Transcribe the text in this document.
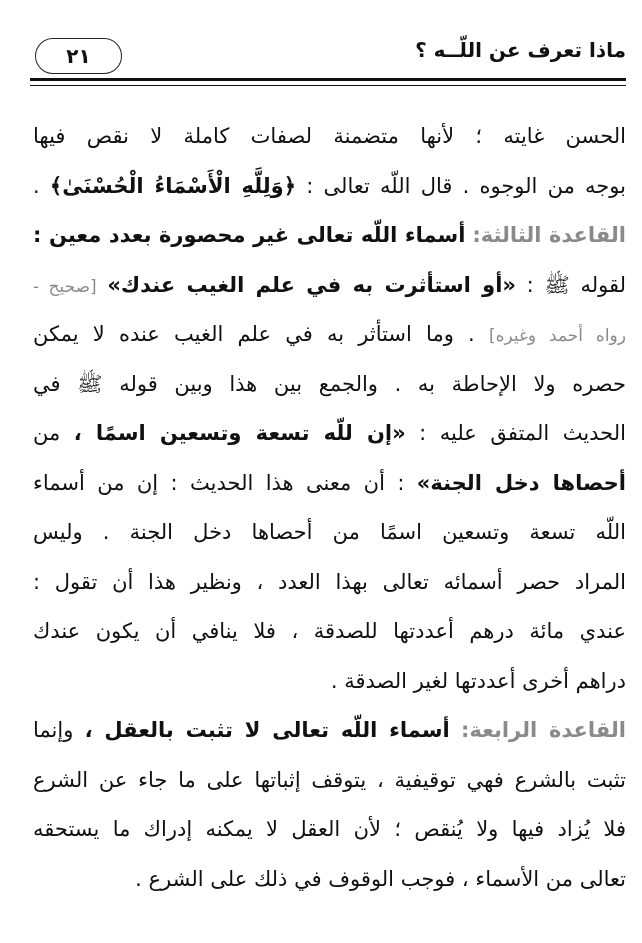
٢١	ماذا تعرف عن اللّــه ؟
الحسن غايته ؛ لأنها متضمنة لصفات كاملة لا نقص فيها
بوجه من الوجوه . قال اللّه تعالى : ﴿وَلِلَّهِ الْأَسْمَاءُ الْحُسْنَىٰ﴾ .
القاعدة الثالثة: أسماء اللّه تعالى غير محصورة بعدد معين :
لقوله ﷺ : «أو استأثرت به في علم الغيب عندك» [صحيح -
رواه أحمد وغيره] . وما استأثر به في علم الغيب عنده لا يمكن
حصره ولا الإحاطة به . والجمع بين هذا وبين قوله ﷺ في
الحديث المتفق عليه : «إن للّه تسعة وتسعين اسمًا ، من
أحصاها دخل الجنة» : أن معنى هذا الحديث : إن من أسماء
اللّه تسعة وتسعين اسمًا من أحصاها دخل الجنة . وليس
المراد حصر أسمائه تعالى بهذا العدد ، ونظير هذا أن تقول :
عندي مائة درهم أعددتها للصدقة ، فلا ينافي أن يكون عندك
دراهم أخرى أعددتها لغير الصدقة .
القاعدة الرابعة: أسماء اللّه تعالى لا تثبت بالعقل ، وإنما
تثبت بالشرع فهي توقيفية ، يتوقف إثباتها على ما جاء عن الشرع
فلا يُزاد فيها ولا يُنقص ؛ لأن العقل لا يمكنه إدراك ما يستحقه
تعالى من الأسماء ، فوجب الوقوف في ذلك على الشرع .
